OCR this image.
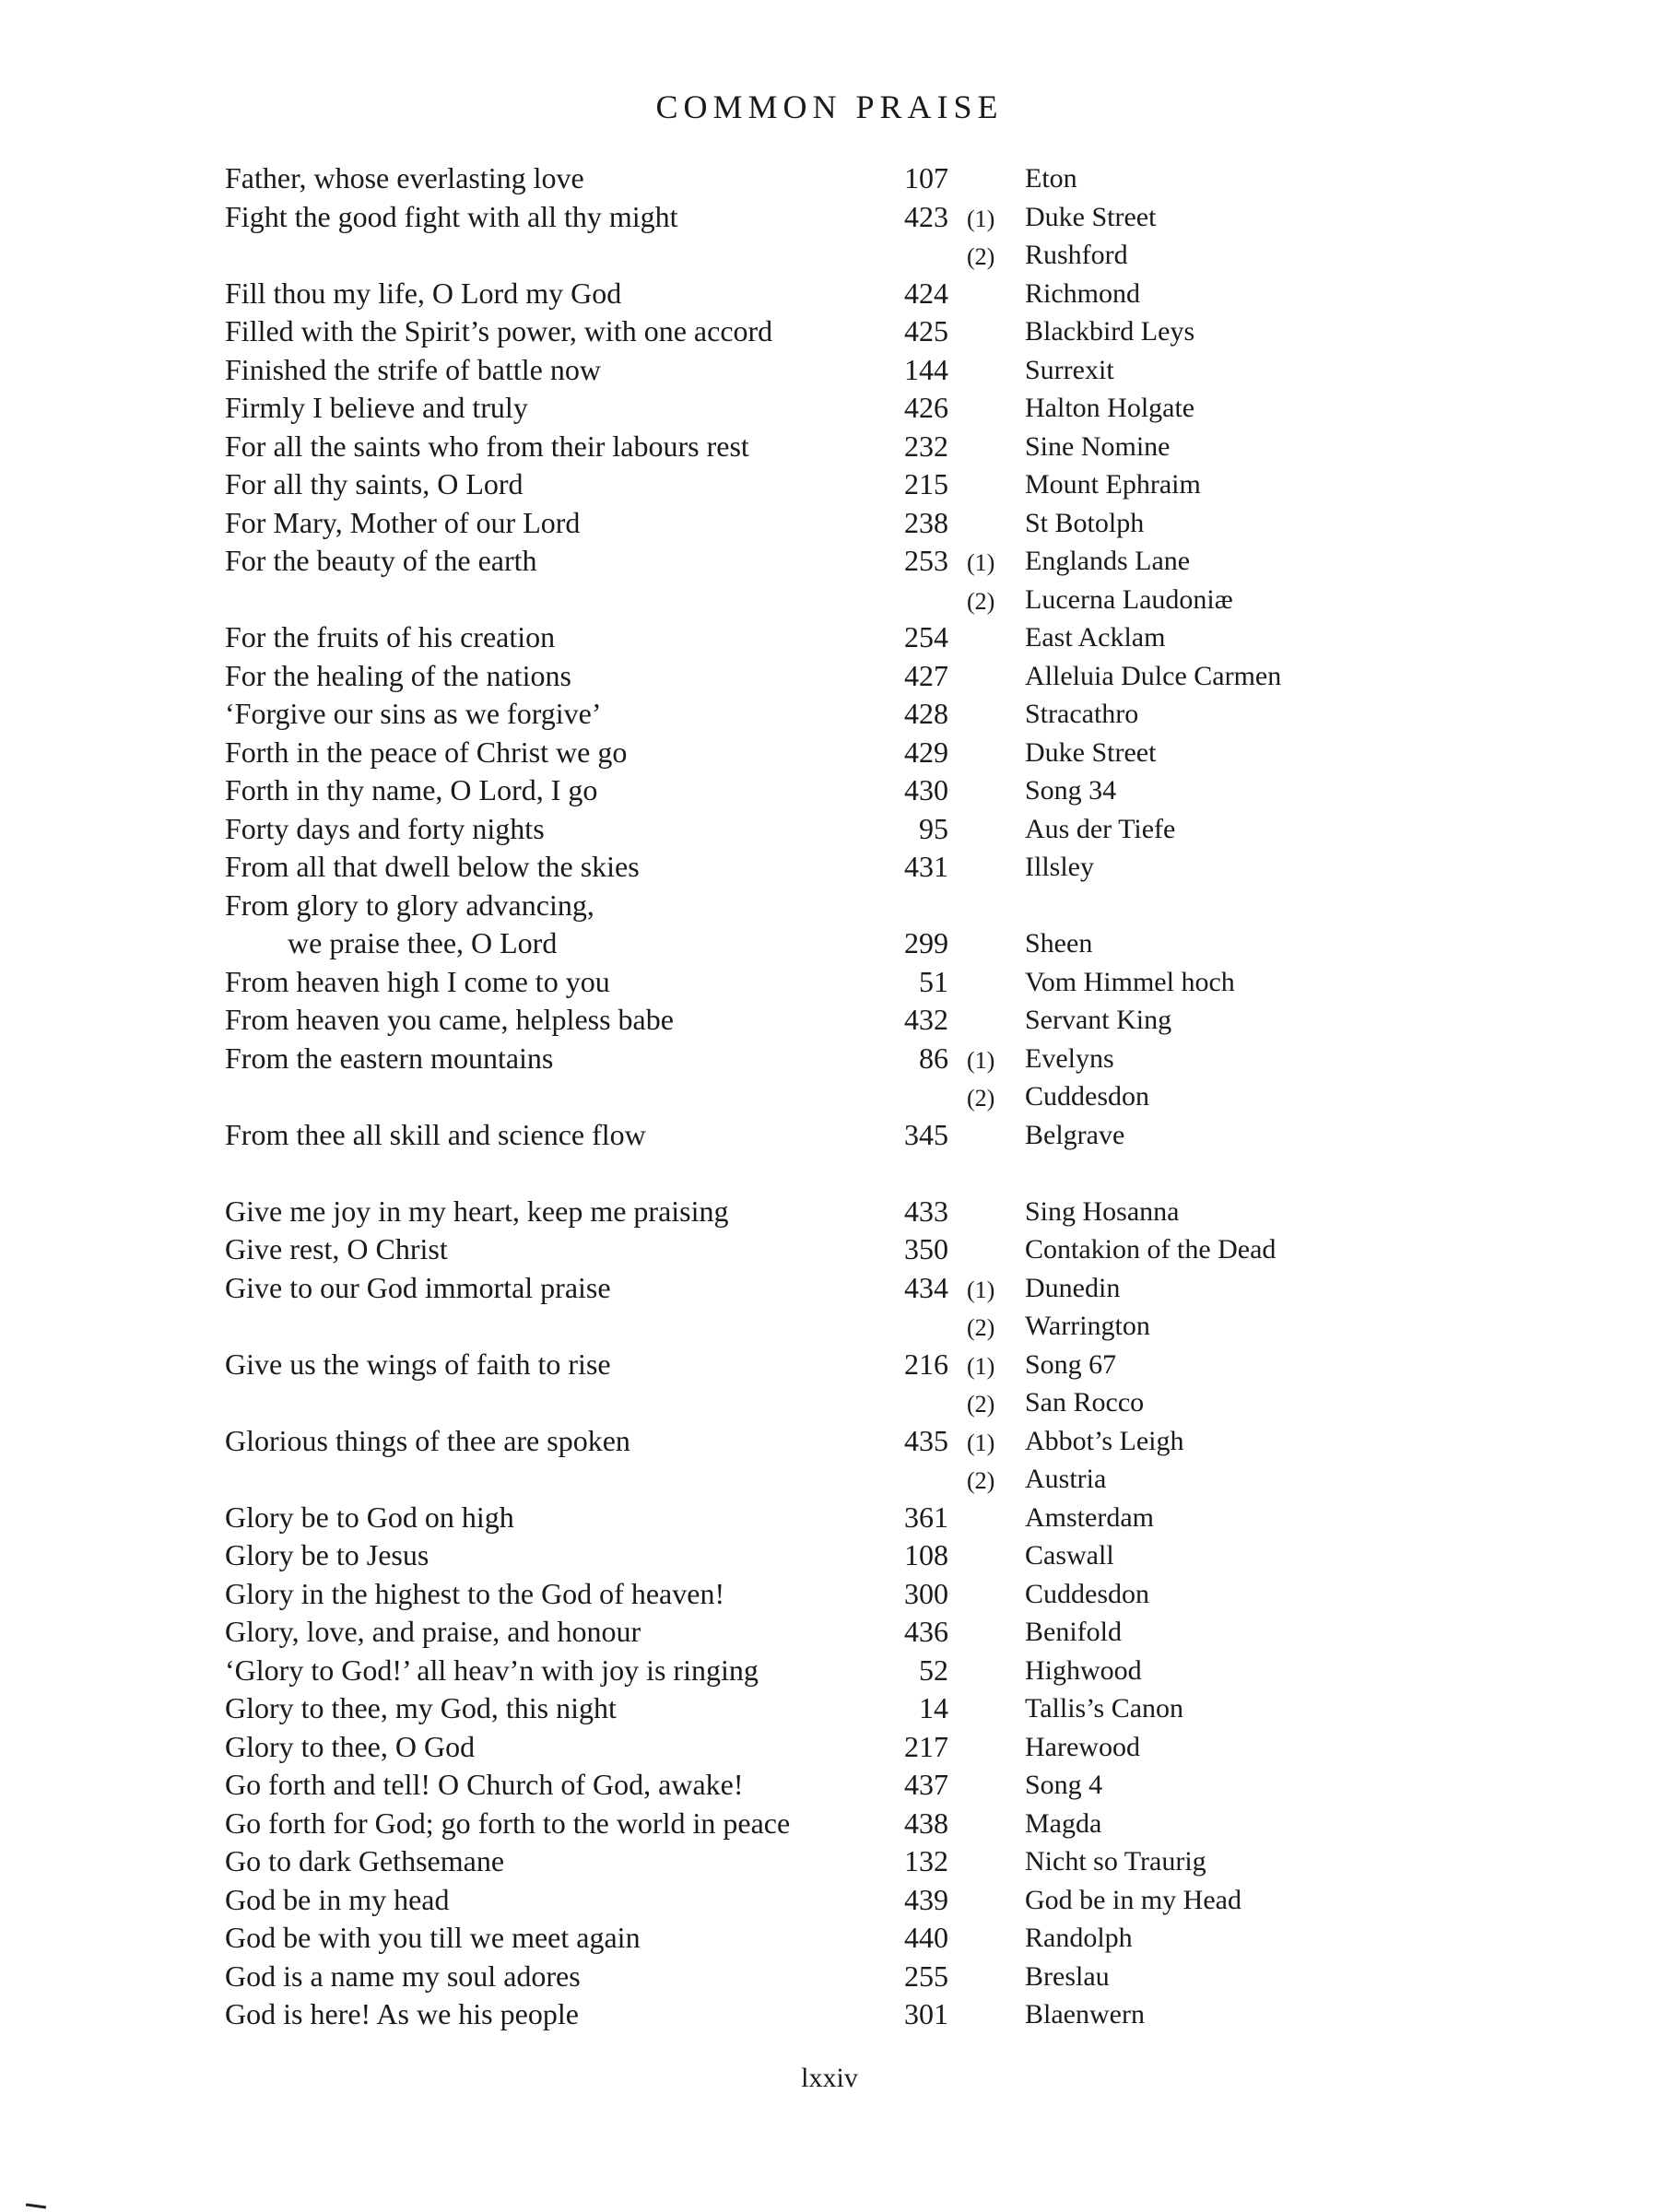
COMMON PRAISE
Father, whose everlasting love	107	Eton
Fight the good fight with all thy might	423 (1) Duke Street
(2) Rushford
Fill thou my life, O Lord my God	424	Richmond
Filled with the Spirit’s power, with one accord	425	Blackbird Leys
Finished the strife of battle now	144	Surrexit
Firmly I believe and truly	426	Halton Holgate
For all the saints who from their labours rest	232	Sine Nomine
For all thy saints, O Lord	215	Mount Ephraim
For Mary, Mother of our Lord	238	St Botolph
For the beauty of the earth	253 (1) Englands Lane
(2) Lucerna Laudoniæ
For the fruits of his creation	254	East Acklam
For the healing of the nations	427	Alleluia Dulce Carmen
‘Forgive our sins as we forgive’	428	Stracathro
Forth in the peace of Christ we go	429	Duke Street
Forth in thy name, O Lord, I go	430	Song 34
Forty days and forty nights	95	Aus der Tiefe
From all that dwell below the skies	431	Illsley
From glory to glory advancing,
we praise thee, O Lord	299	Sheen
From heaven high I come to you	51	Vom Himmel hoch
From heaven you came, helpless babe	432	Servant King
From the eastern mountains	86 (1) Evelyns
(2) Cuddesdon
From thee all skill and science flow	345	Belgrave
Give me joy in my heart, keep me praising	433	Sing Hosanna
Give rest, O Christ	350	Contakion of the Dead
Give to our God immortal praise	434 (1) Dunedin
(2) Warrington
Give us the wings of faith to rise	216 (1) Song 67
(2) San Rocco
Glorious things of thee are spoken	435 (1) Abbot’s Leigh
(2) Austria
Glory be to God on high	361	Amsterdam
Glory be to Jesus	108	Caswall
Glory in the highest to the God of heaven!	300	Cuddesdon
Glory, love, and praise, and honour	436	Benifold
‘Glory to God!’ all heav’n with joy is ringing	52	Highwood
Glory to thee, my God, this night	14	Tallis’s Canon
Glory to thee, O God	217	Harewood
Go forth and tell! O Church of God, awake!	437	Song 4
Go forth for God; go forth to the world in peace	438	Magda
Go to dark Gethsemane	132	Nicht so Traurig
God be in my head	439	God be in my Head
God be with you till we meet again	440	Randolph
God is a name my soul adores	255	Breslau
God is here! As we his people	301	Blaenwern
lxxiv
